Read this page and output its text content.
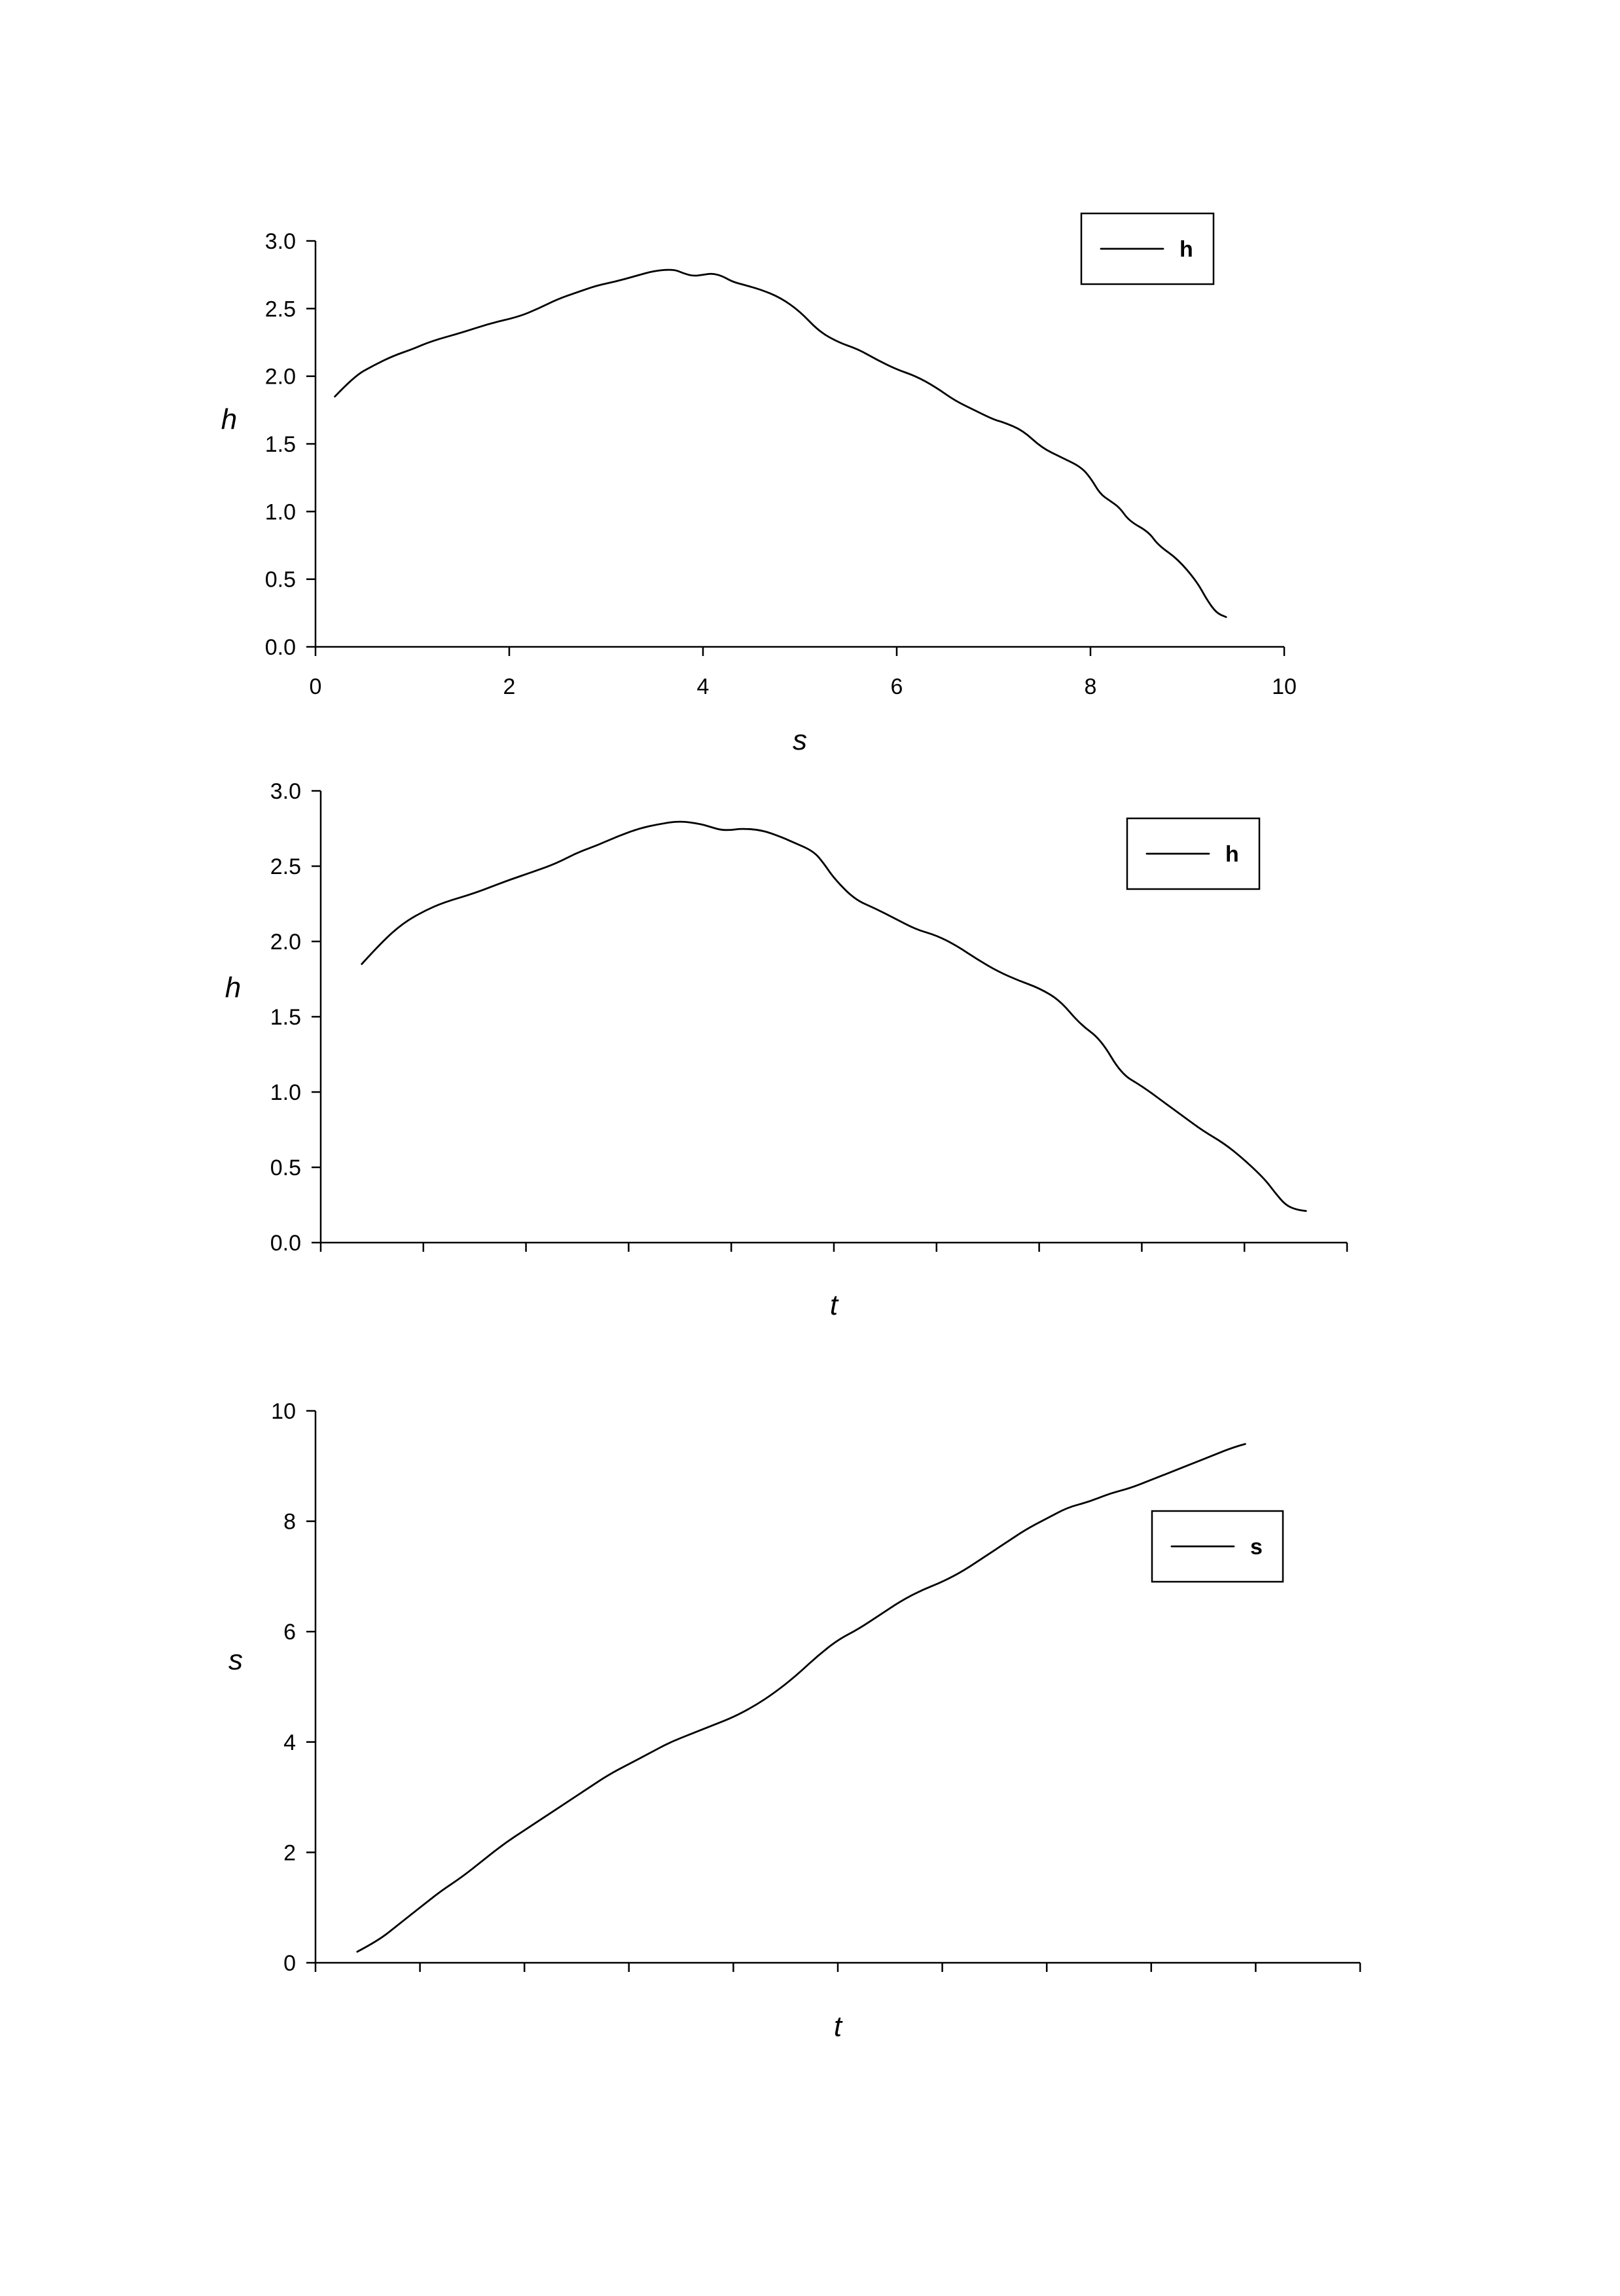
0.0
0.5
1.0
1.5
2.0
2.5
3.0
0	2	4	6	8	10
h
s
h
0.0
0.5
1.0
1.5
2.0
2.5
3.0
h
t
h
0
2
4
6
8
10
s
t
s
